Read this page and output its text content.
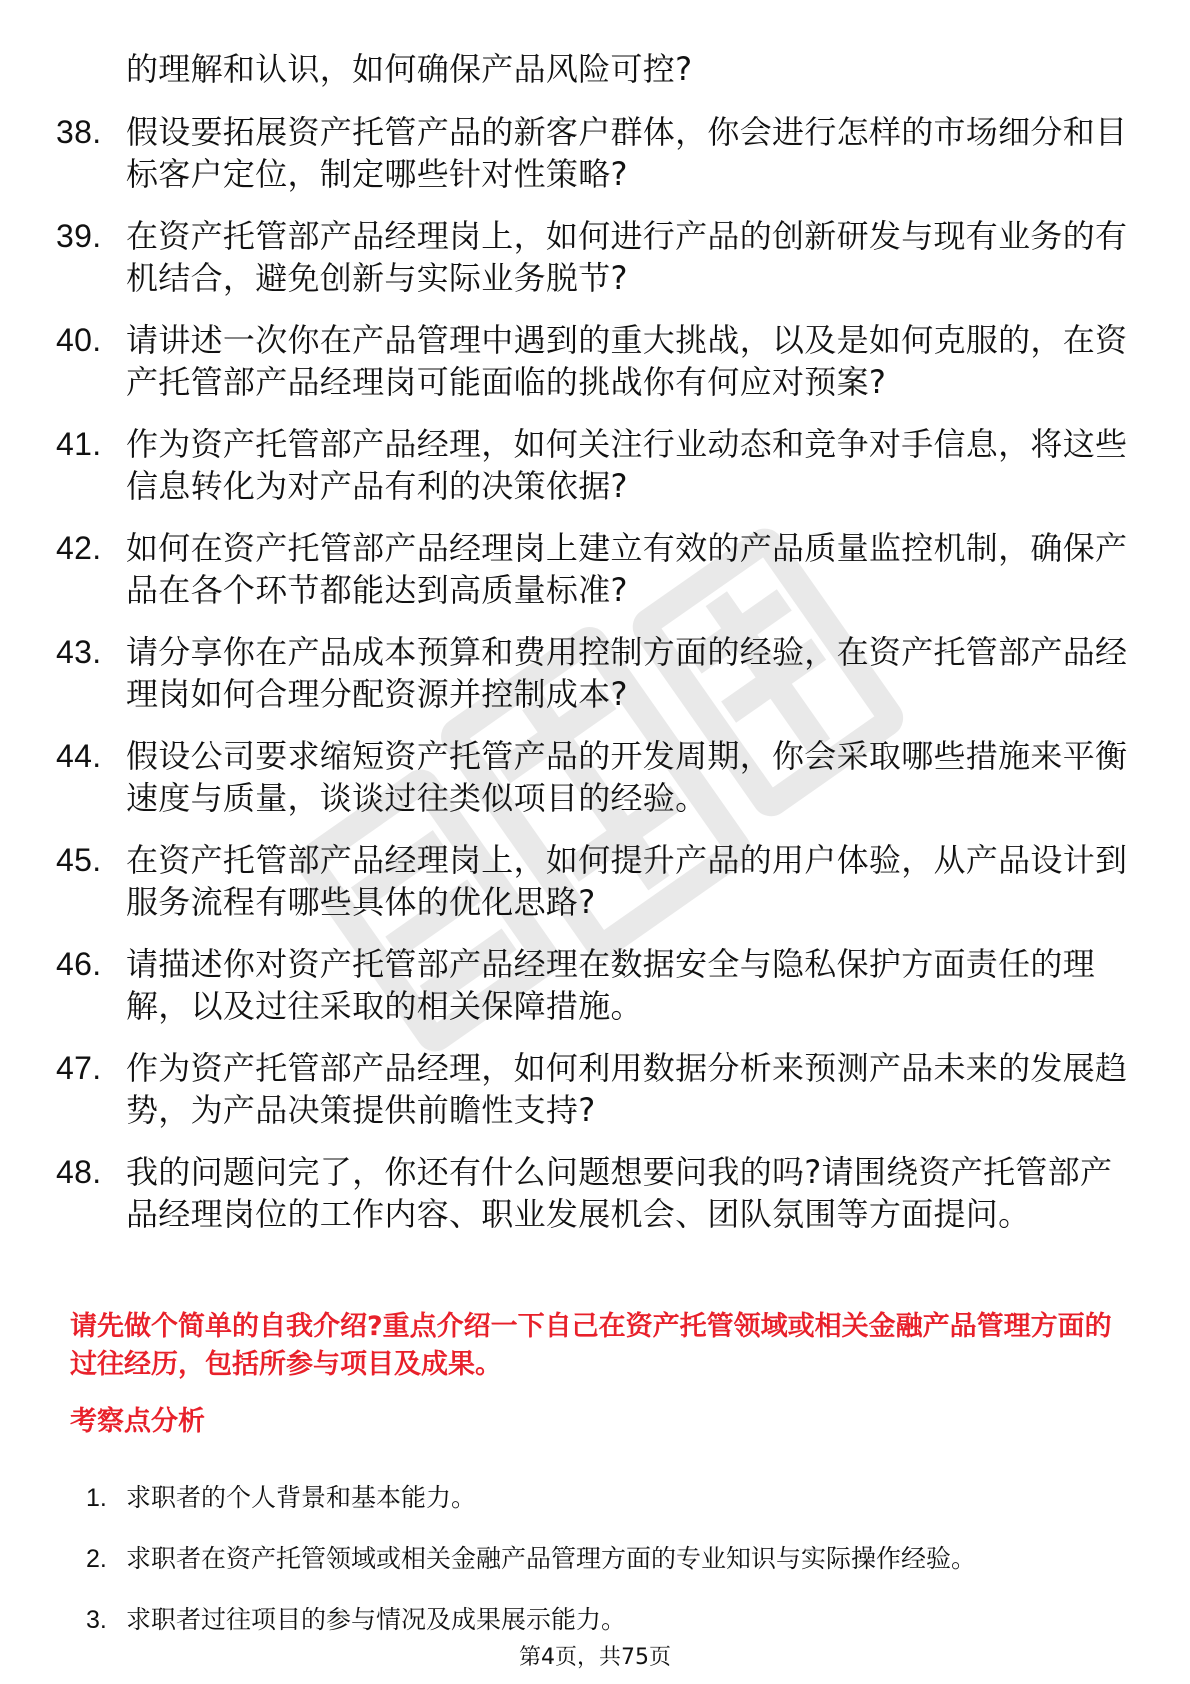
的理解和认识，如何确保产品风险可控?
38. 假设要拓展资产托管产品的新客户群体，你会进行怎样的市场细分和目标客户定位，制定哪些针对性策略?
39. 在资产托管部产品经理岗上，如何进行产品的创新研发与现有业务的有机结合，避免创新与实际业务脱节?
40. 请讲述一次你在产品管理中遇到的重大挑战，以及是如何克服的，在资产托管部产品经理岗可能面临的挑战你有何应对预案?
41. 作为资产托管部产品经理，如何关注行业动态和竞争对手信息，将这些信息转化为对产品有利的决策依据?
42. 如何在资产托管部产品经理岗上建立有效的产品质量监控机制，确保产品在各个环节都能达到高质量标准?
43. 请分享你在产品成本预算和费用控制方面的经验，在资产托管部产品经理岗如何合理分配资源并控制成本?
44. 假设公司要求缩短资产托管产品的开发周期，你会采取哪些措施来平衡速度与质量，谈谈过往类似项目的经验。
45. 在资产托管部产品经理岗上，如何提升产品的用户体验，从产品设计到服务流程有哪些具体的优化思路?
46. 请描述你对资产托管部产品经理在数据安全与隐私保护方面责任的理解，以及过往采取的相关保障措施。
47. 作为资产托管部产品经理，如何利用数据分析来预测产品未来的发展趋势，为产品决策提供前瞻性支持?
48. 我的问题问完了，你还有什么问题想要问我的吗?请围绕资产托管部产品经理岗位的工作内容、职业发展机会、团队氛围等方面提问。

请先做个简单的自我介绍?重点介绍一下自己在资产托管领域或相关金融产品管理方面的过往经历，包括所参与项目及成果。

考察点分析

1. 求职者的个人背景和基本能力。
2. 求职者在资产托管领域或相关金融产品管理方面的专业知识与实际操作经验。
3. 求职者过往项目的参与情况及成果展示能力。
第4页，共75页
